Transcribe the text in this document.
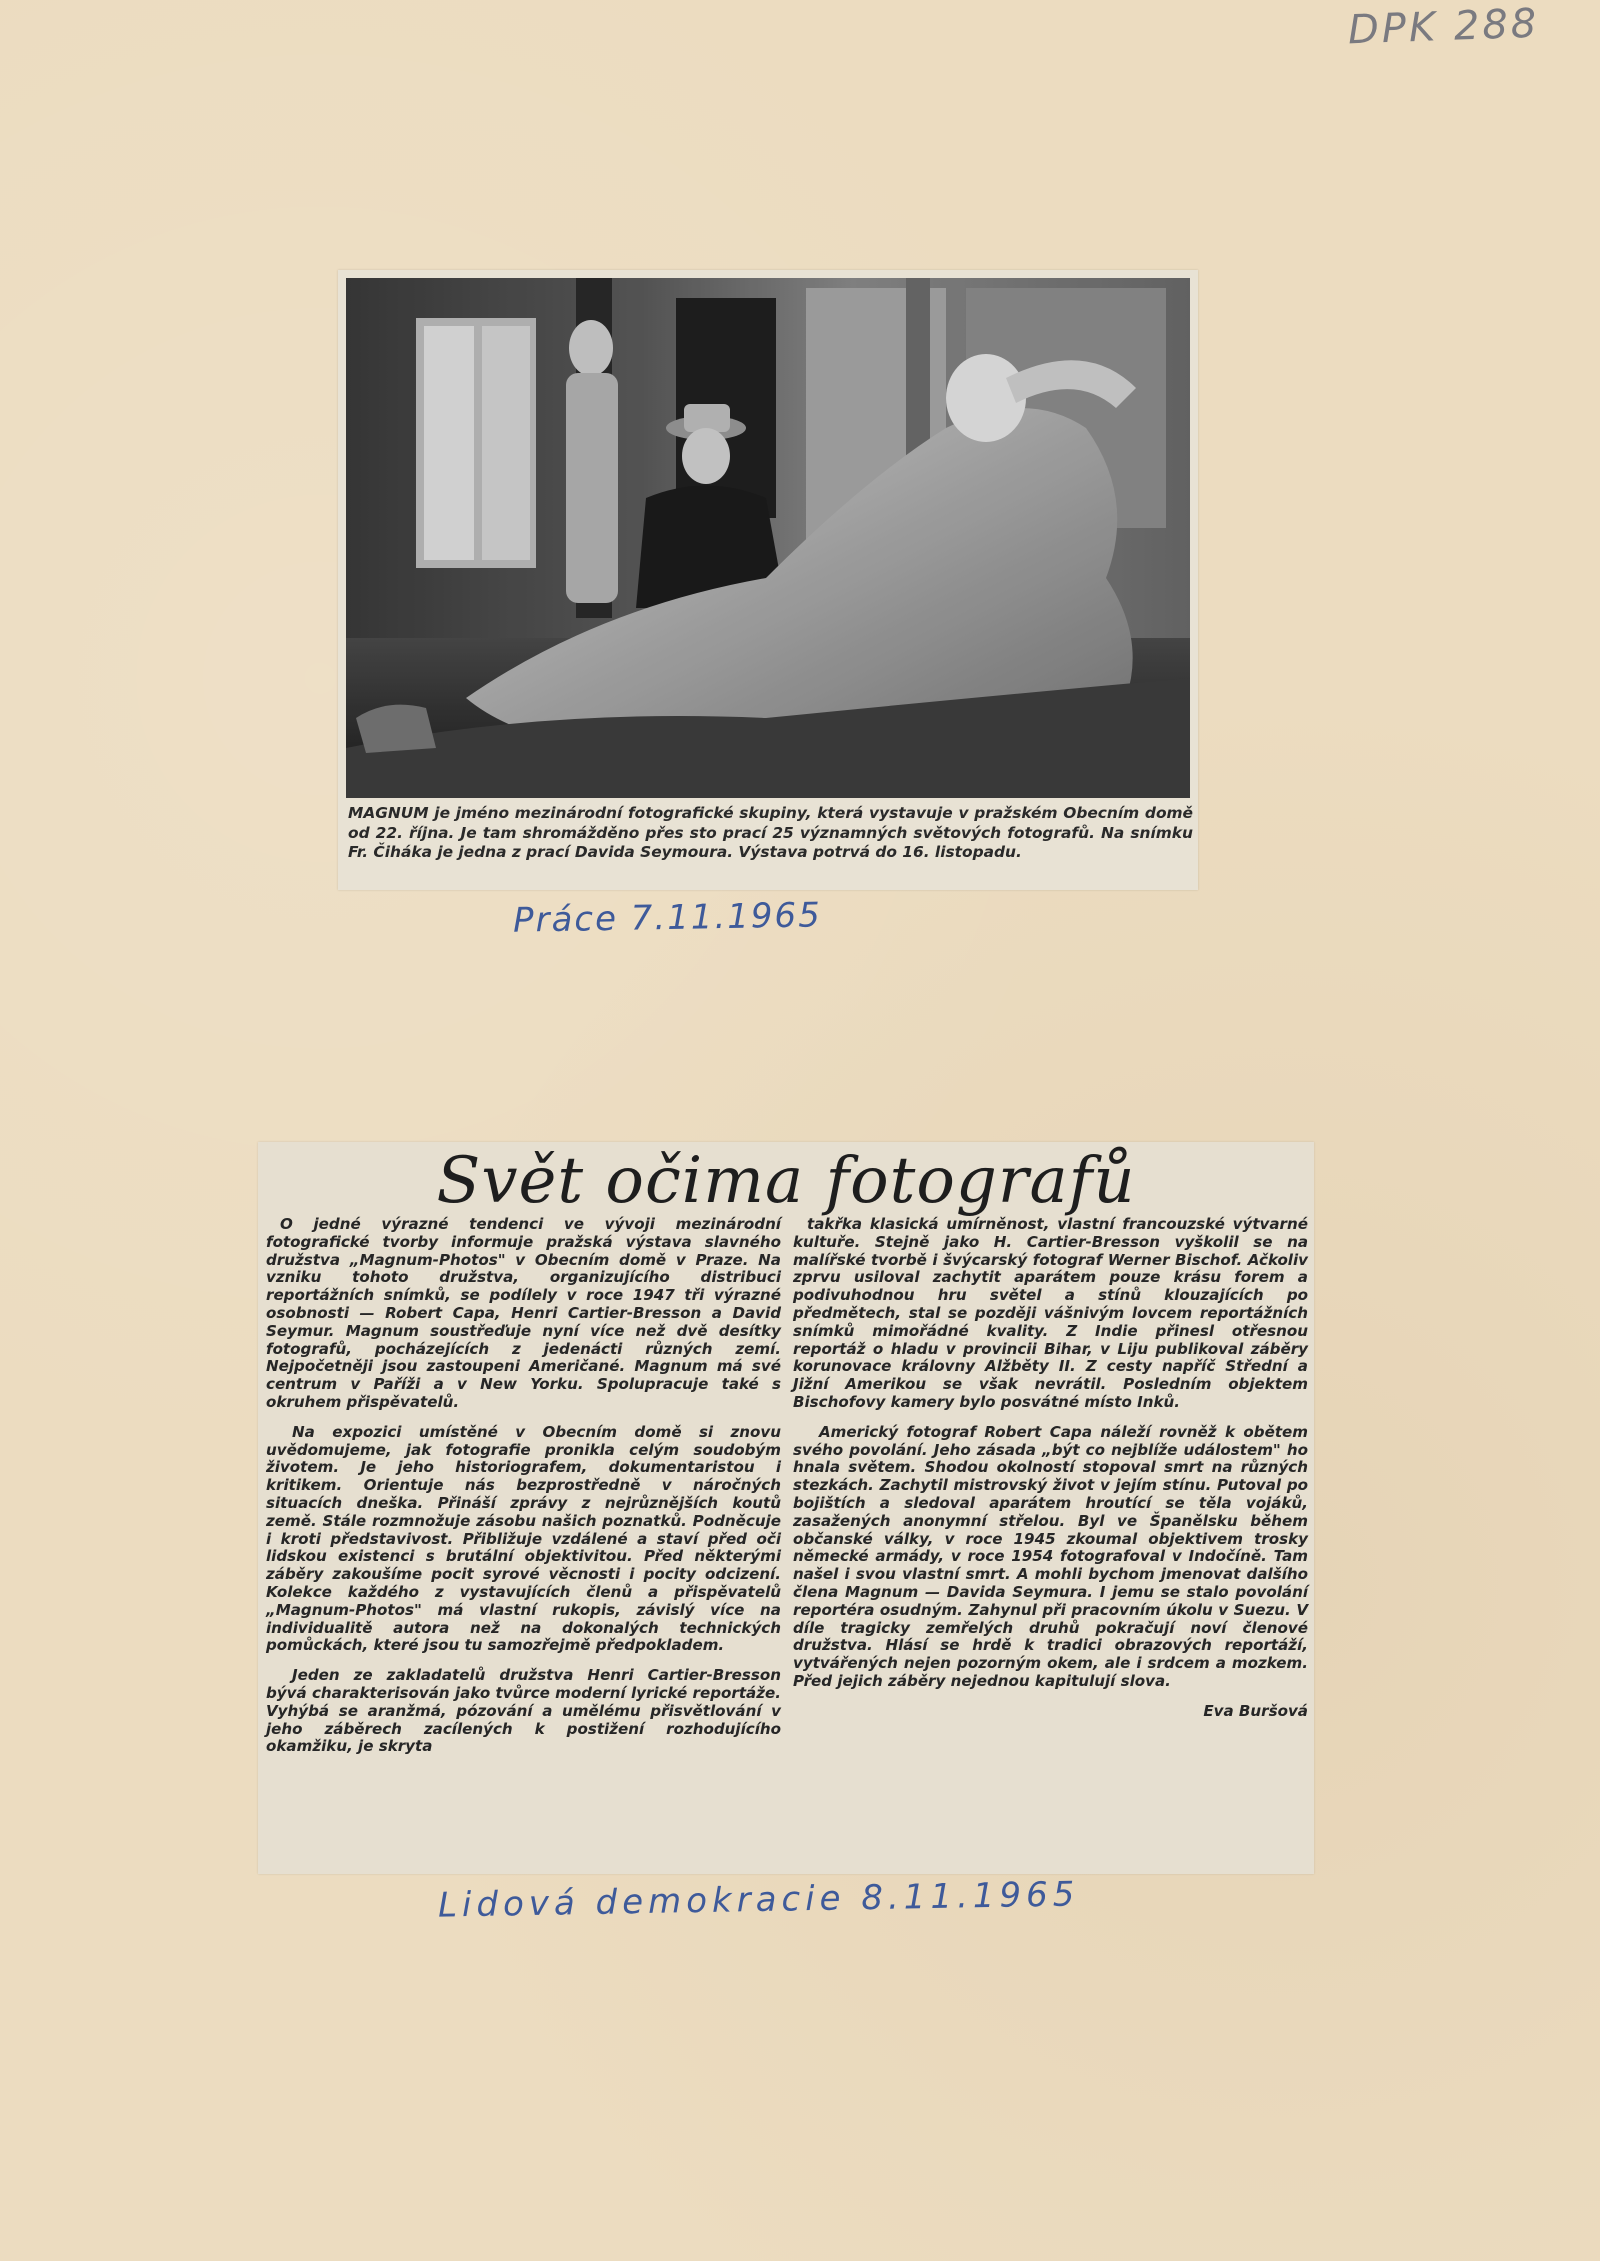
DPK 288
MAGNUM je jméno mezinárodní fotografické skupiny, která vystavuje v pražském Obecním domě od 22. října. Je tam shromážděno přes sto prací 25 významných světových fotografů. Na snímku Fr. Čiháka je jedna z prací Davida Seymoura. Výstava potrvá do 16. listopadu.
Práce 7.11.1965
Svět očima fotografů

O jedné výrazné tendenci ve vývoji mezinárodní fotografické tvorby informuje pražská výstava slavného družstva „Magnum-Photos" v Obecním domě v Praze. Na vzniku tohoto družstva, organizujícího distribuci reportážních snímků, se podílely v roce 1947 tři výrazné osobnosti — Robert Capa, Henri Cartier-Bresson a David Seymur. Magnum soustřeďuje nyní více než dvě desítky fotografů, pocházejících z jedenácti různých zemí. Nejpočetněji jsou zastoupeni Američané. Magnum má své centrum v Paříži a v New Yorku. Spolupracuje také s okruhem přispěvatelů.

Na expozici umístěné v Obecním domě si znovu uvědomujeme, jak fotografie pronikla celým soudobým životem. Je jeho historiografem, dokumentaristou i kritikem. Orientuje nás bezprostředně v náročných situacích dneška. Přináší zprávy z nejrůznějších koutů země. Stále rozmnožuje zásobu našich poznatků. Podněcuje i kroti představivost. Přibližuje vzdálené a staví před oči lidskou existenci s brutální objektivitou. Před některými záběry zakoušíme pocit syrové věcnosti i pocity odcizení. Kolekce každého z vystavujících členů a přispěvatelů „Magnum-Photos" má vlastní rukopis, závislý více na individualitě autora než na dokonalých technických pomůckách, které jsou tu samozřejmě předpokladem.

Jeden ze zakladatelů družstva Henri Cartier-Bresson bývá charakterisován jako tvůrce moderní lyrické reportáže. Vyhýbá se aranžmá, pózování a umělému přisvětlování v jeho záběrech zacílených k postižení rozhodujícího okamžiku, je skryta

takřka klasická umírněnost, vlastní francouzské výtvarné kultuře. Stejně jako H. Cartier-Bresson vyškolil se na malířské tvorbě i švýcarský fotograf Werner Bischof. Ačkoliv zprvu usiloval zachytit aparátem pouze krásu forem a podivuhodnou hru světel a stínů klouzajících po předmětech, stal se později vášnivým lovcem reportážních snímků mimořádné kvality. Z Indie přinesl otřesnou reportáž o hladu v provincii Bihar, v Liju publikoval záběry korunovace královny Alžběty II. Z cesty napříč Střední a Jižní Amerikou se však nevrátil. Posledním objektem Bischofovy kamery bylo posvátné místo Inků.

Americký fotograf Robert Capa náleží rovněž k obětem svého povolání. Jeho zásada „být co nejblíže událostem" ho hnala světem. Shodou okolností stopoval smrt na různých stezkách. Zachytil mistrovský život v jejím stínu. Putoval po bojištích a sledoval aparátem hroutící se těla vojáků, zasažených anonymní střelou. Byl ve Španělsku během občanské války, v roce 1945 zkoumal objektivem trosky německé armády, v roce 1954 fotografoval v Indočíně. Tam našel i svou vlastní smrt. A mohli bychom jmenovat dalšího člena Magnum — Davida Seymura. I jemu se stalo povolání reportéra osudným. Zahynul při pracovním úkolu v Suezu. V díle tragicky zemřelých druhů pokračují noví členové družstva. Hlásí se hrdě k tradici obrazových reportáží, vytvářených nejen pozorným okem, ale i srdcem a mozkem. Před jejich záběry nejednou kapitulují slova.

Eva Buršová
Lidová demokracie 8.11.1965
